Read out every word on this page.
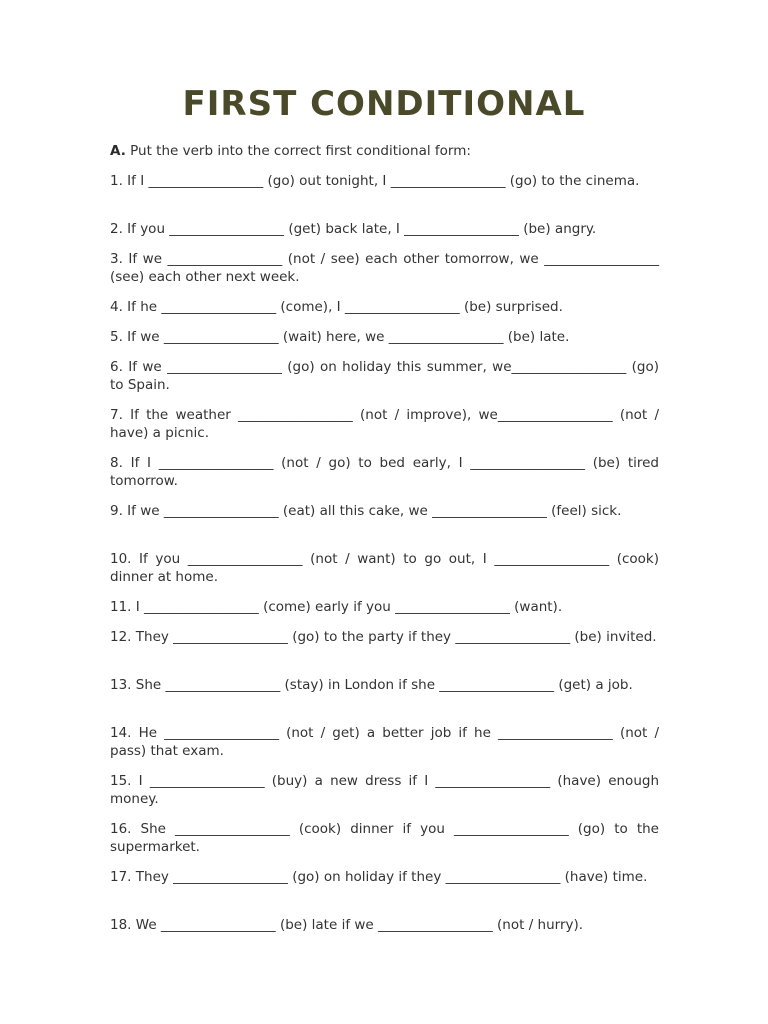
FIRST CONDITIONAL
A. Put the verb into the correct first conditional form:

1. If I _________________ (go) out tonight, I _________________ (go) to the cinema.

2. If you _________________ (get) back late, I _________________ (be) angry.

3. If we _________________ (not / see) each other tomorrow, we _________________ (see) each other next week.

4. If he _________________ (come), I _________________ (be) surprised.

5. If we _________________ (wait) here, we _________________ (be) late.

6. If we _________________ (go) on holiday this summer, we_________________ (go) to Spain.

7. If the weather _________________ (not / improve), we_________________ (not / have) a picnic.

8. If I _________________ (not / go) to bed early, I _________________ (be) tired tomorrow.

9. If we _________________ (eat) all this cake, we _________________ (feel) sick.

10. If you _________________ (not / want) to go out, I _________________ (cook) dinner at home.

11. I _________________ (come) early if you _________________ (want).

12. They _________________ (go) to the party if they _________________ (be) invited.

13. She _________________ (stay) in London if she _________________ (get) a job.

14. He _________________ (not / get) a better job if he _________________ (not / pass) that exam.

15. I _________________ (buy) a new dress if I _________________ (have) enough money.

16. She _________________ (cook) dinner if you _________________ (go) to the supermarket.

17. They _________________ (go) on holiday if they _________________ (have) time.

18. We _________________ (be) late if we _________________ (not / hurry).
